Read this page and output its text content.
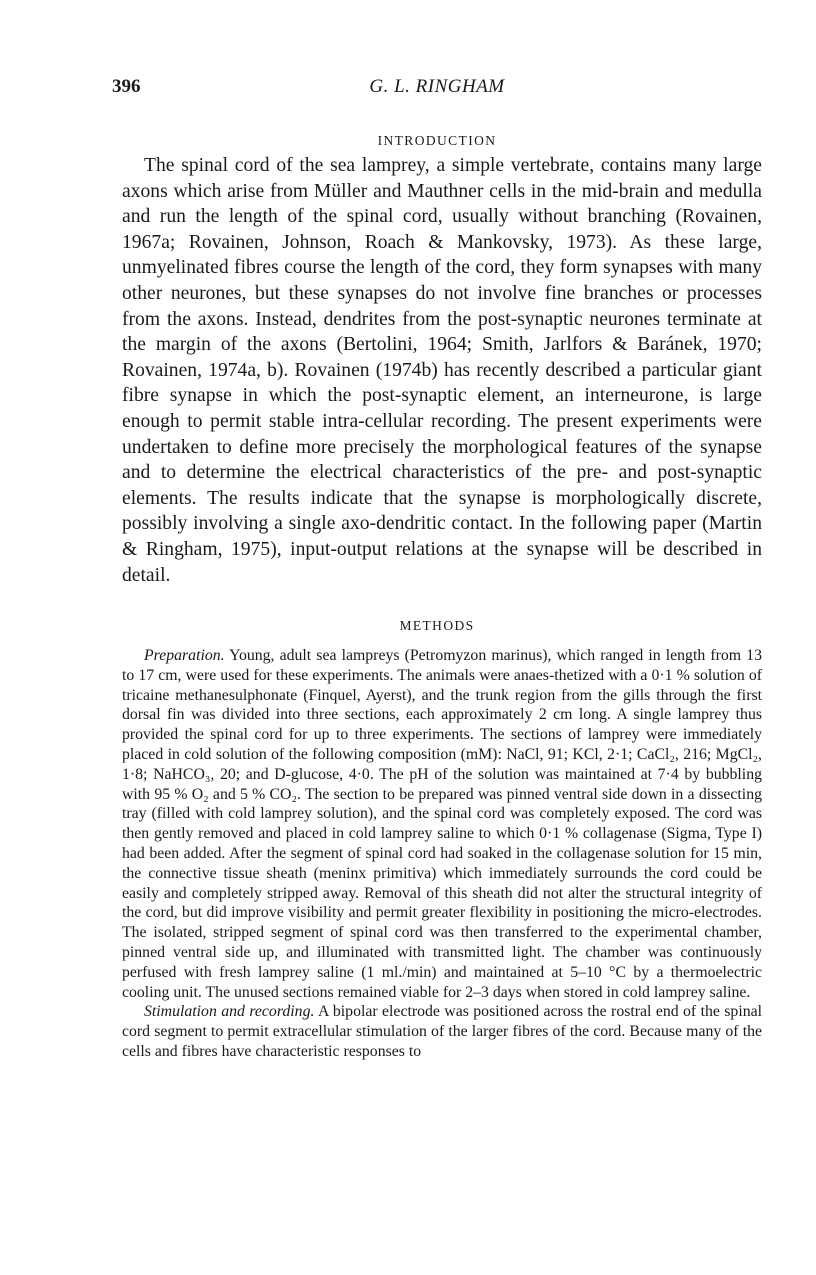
396	G. L. RINGHAM
INTRODUCTION

The spinal cord of the sea lamprey, a simple vertebrate, contains many large axons which arise from Müller and Mauthner cells in the mid-brain and medulla and run the length of the spinal cord, usually without branching (Rovainen, 1967a; Rovainen, Johnson, Roach & Mankovsky, 1973). As these large, unmyelinated fibres course the length of the cord, they form synapses with many other neurones, but these synapses do not involve fine branches or processes from the axons. Instead, dendrites from the post-synaptic neurones terminate at the margin of the axons (Bertolini, 1964; Smith, Jarlfors & Baránek, 1970; Rovainen, 1974a, b). Rovainen (1974b) has recently described a particular giant fibre synapse in which the post-synaptic element, an interneurone, is large enough to permit stable intra-cellular recording. The present experiments were undertaken to define more precisely the morphological features of the synapse and to determine the electrical characteristics of the pre- and post-synaptic elements. The results indicate that the synapse is morphologically discrete, possibly involving a single axo-dendritic contact. In the following paper (Martin & Ringham, 1975), input-output relations at the synapse will be described in detail.

METHODS

Preparation. Young, adult sea lampreys (Petromyzon marinus), which ranged in length from 13 to 17 cm, were used for these experiments. The animals were anaes-thetized with a 0·1 % solution of tricaine methanesulphonate (Finquel, Ayerst), and the trunk region from the gills through the first dorsal fin was divided into three sections, each approximately 2 cm long. A single lamprey thus provided the spinal cord for up to three experiments. The sections of lamprey were immediately placed in cold solution of the following composition (mM): NaCl, 91; KCl, 2·1; CaCl₂, 216; MgCl₂, 1·8; NaHCO₃, 20; and D-glucose, 4·0. The pH of the solution was maintained at 7·4 by bubbling with 95 % O₂ and 5 % CO₂. The section to be prepared was pinned ventral side down in a dissecting tray (filled with cold lamprey solution), and the spinal cord was completely exposed. The cord was then gently removed and placed in cold lamprey saline to which 0·1 % collagenase (Sigma, Type I) had been added. After the segment of spinal cord had soaked in the collagenase solution for 15 min, the connective tissue sheath (meninx primitiva) which immediately surrounds the cord could be easily and completely stripped away. Removal of this sheath did not alter the structural integrity of the cord, but did improve visibility and permit greater flexibility in positioning the micro-electrodes. The isolated, stripped segment of spinal cord was then transferred to the experimental chamber, pinned ventral side up, and illuminated with transmitted light. The chamber was continuously perfused with fresh lamprey saline (1 ml./min) and maintained at 5–10 °C by a thermoelectric cooling unit. The unused sections remained viable for 2–3 days when stored in cold lamprey saline.

Stimulation and recording. A bipolar electrode was positioned across the rostral end of the spinal cord segment to permit extracellular stimulation of the larger fibres of the cord. Because many of the cells and fibres have characteristic responses to
